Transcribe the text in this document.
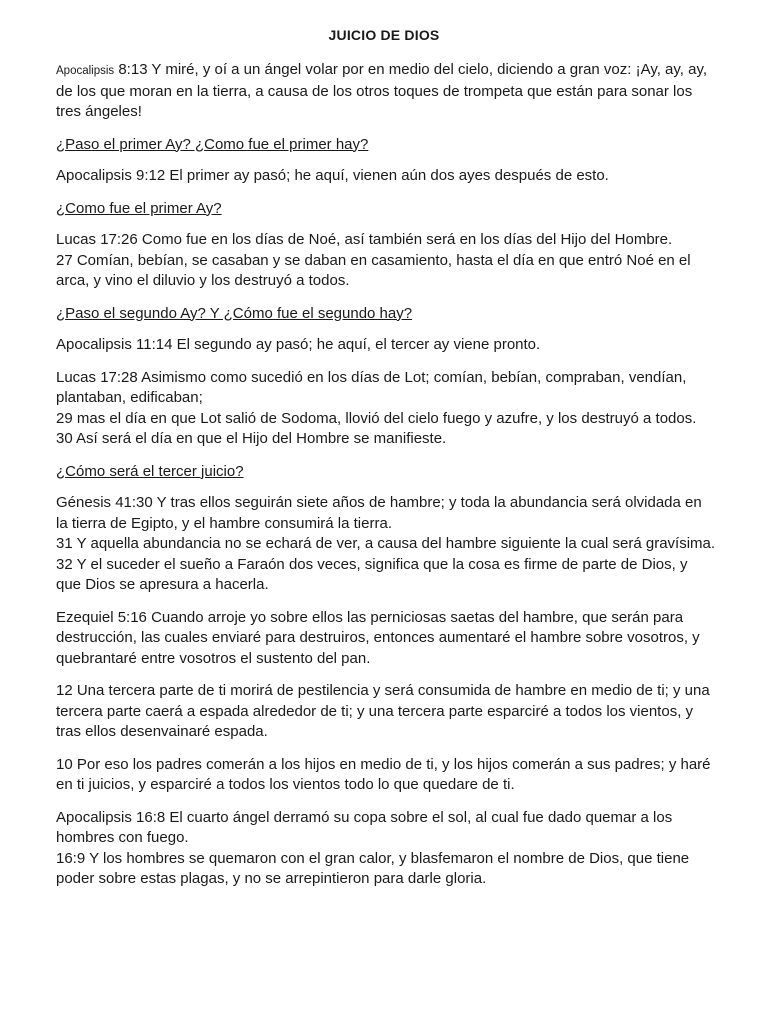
JUICIO DE DIOS

Apocalipsis 8:13 Y miré, y oí a un ángel volar por en medio del cielo, diciendo a gran voz: ¡Ay, ay, ay, de los que moran en la tierra, a causa de los otros toques de trompeta que están para sonar los tres ángeles!

¿Paso el primer Ay? ¿Como fue el primer hay?

Apocalipsis 9:12 El primer ay pasó; he aquí, vienen aún dos ayes después de esto.

¿Como fue el primer Ay?

Lucas 17:26 Como fue en los días de Noé, así también será en los días del Hijo del Hombre.
27 Comían, bebían, se casaban y se daban en casamiento, hasta el día en que entró Noé en el arca, y vino el diluvio y los destruyó a todos.

¿Paso el segundo Ay? Y ¿Cómo fue el segundo hay?

Apocalipsis 11:14 El segundo ay pasó; he aquí, el tercer ay viene pronto.

Lucas 17:28 Asimismo como sucedió en los días de Lot; comían, bebían, compraban, vendían, plantaban, edificaban;
29 mas el día en que Lot salió de Sodoma, llovió del cielo fuego y azufre, y los destruyó a todos.
30 Así será el día en que el Hijo del Hombre se manifieste.

¿Cómo será el tercer juicio?

Génesis 41:30 Y tras ellos seguirán siete años de hambre; y toda la abundancia será olvidada en la tierra de Egipto, y el hambre consumirá la tierra.
31 Y aquella abundancia no se echará de ver, a causa del hambre siguiente la cual será gravísima.
32 Y el suceder el sueño a Faraón dos veces, significa que la cosa es firme de parte de Dios, y que Dios se apresura a hacerla.

Ezequiel 5:16 Cuando arroje yo sobre ellos las perniciosas saetas del hambre, que serán para destrucción, las cuales enviaré para destruiros, entonces aumentaré el hambre sobre vosotros, y quebrantaré entre vosotros el sustento del pan.

12 Una tercera parte de ti morirá de pestilencia y será consumida de hambre en medio de ti; y una tercera parte caerá a espada alrededor de ti; y una tercera parte esparciré a todos los vientos, y tras ellos desenvainaré espada.

10 Por eso los padres comerán a los hijos en medio de ti, y los hijos comerán a sus padres; y haré en ti juicios, y esparciré a todos los vientos todo lo que quedare de ti.

Apocalipsis 16:8 El cuarto ángel derramó su copa sobre el sol, al cual fue dado quemar a los hombres con fuego.
16:9 Y los hombres se quemaron con el gran calor, y blasfemaron el nombre de Dios, que tiene poder sobre estas plagas, y no se arrepintieron para darle gloria.
